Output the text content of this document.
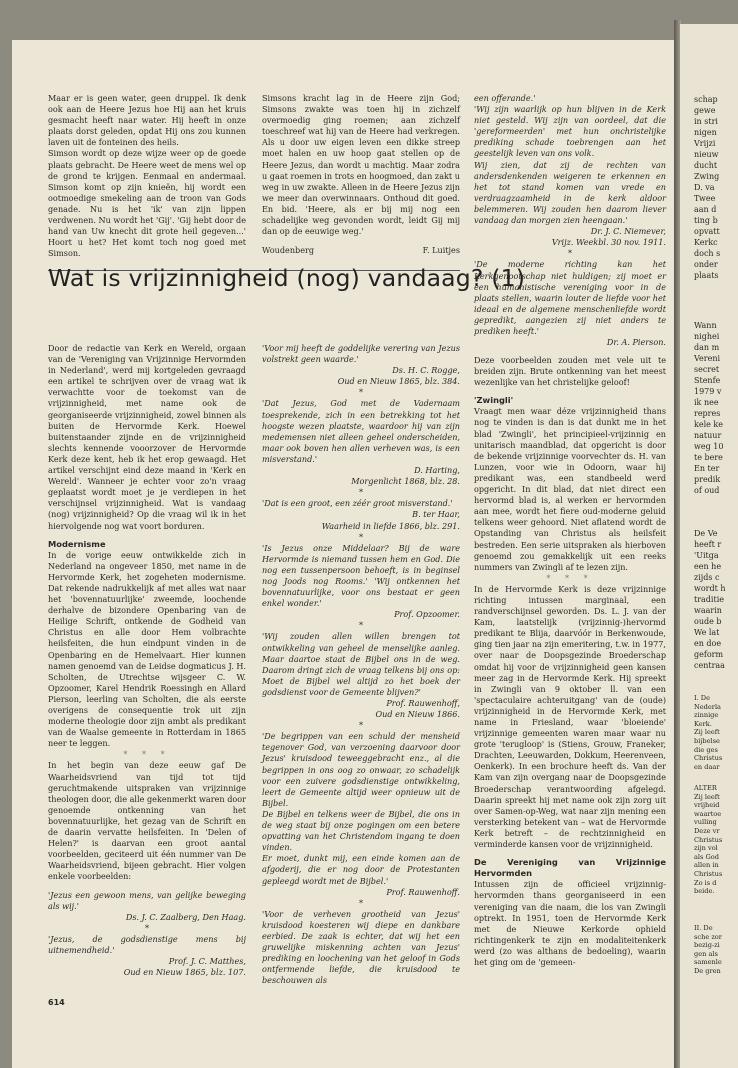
Maar er is geen water, geen druppel. Ik denk ook aan de Heere Jezus hoe Hij aan het kruis gesmacht heeft naar water. Hij heeft in onze plaats dorst geleden, opdat Hij ons zou kunnen laven uit de fonteinen des heils.

Simson wordt op deze wijze weer op de goede plaats gebracht. De Heere weet de mens wel op de grond te krijgen. Eenmaal en andermaal. Simson komt op zijn knieën, hij wordt een ootmoedige smekeling aan de troon van Gods genade. Nu is het 'ik' van zijn lippen verdwenen. Nu wordt het 'Gij'. 'Gij hebt door de hand van Uw knecht dit grote heil gegeven...' Hoort u het? Het komt toch nog goed met Simson.

Simsons kracht lag in de Heere zijn God; Simsons zwakte was toen hij in zichzelf overmoedig ging roemen; aan zichzelf toeschreef wat hij van de Heere had verkregen. Als u door uw eigen leven een dikke streep moet halen en uw hoop gaat stellen op de Heere Jezus, dan wordt u machtig. Maar zodra u gaat roemen in trots en hoogmoed, dan zakt u weg in uw zwakte. Alleen in de Heere Jezus zijn we meer dan overwinnaars. Onthoud dit goed. En bid. 'Heere, als er bij mij nog een schadelijke weg gevonden wordt, leidt Gij mij dan op de eeuwige weg.'

Woudenberg	F. Luitjes

een offerande.'

'Wij zijn waarlijk op hun blijven in de Kerk niet gesteld. Wij zijn van oordeel, dat die 'gereformeerden' met hun onchristelijke prediking schade toebrengen aan het geestelijk leven van ons volk.
Wij zien, dat zij de rechten van andersdenkenden weigeren te erkennen en het tot stand komen van vrede en verdraagzaamheid in de kerk aldoor belemmeren. Wij zouden hen daarom liever vandaag dan morgen zien heengaan.'

Dr. J. C. Niemever,

Vrijz. Weekbl. 30 nov. 1911.

*

'De moderne richting kan het Kerkgenootschap niet huldigen; zij moet er een humanistische vereniging voor in de plaats stellen, waarin louter de liefde voor het ideaal en de algemene menschenliefde wordt gepredikt, aangezien zij niet anders te prediken heeft.'

Dr. A. Pierson.

Wat is vrijzinnigheid (nog) vandaag? (1)

Door de redactie van Kerk en Wereld, orgaan van de 'Vereniging van Vrijzinnige Hervormden in Nederland', werd mij kortgeleden gevraagd een artikel te schrijven over de vraag wat ik verwachtte voor de toekomst van de vrijzinnigheid, met name ook de georganiseerde vrijzinnigheid, zowel binnen als buiten de Hervormde Kerk. Hoewel buitenstaander zijnde en de vrijzinnigheid slechts kennende vooorzover de Hervormde Kerk deze kent, heb ik het erop gewaagd. Het artikel verschijnt eind deze maand in 'Kerk en Wereld'. Wanneer je echter voor zo'n vraag geplaatst wordt moet je je verdiepen in het verschijnsel vrijzinnigheid. Wat is vandaag (nog) vrijzinnigheid? Op die vraag wil ik in het hiervolgende nog wat voort borduren.

Modernisme

In de vorige eeuw ontwikkelde zich in Nederland na ongeveer 1850, met name in de Hervormde Kerk, het zogeheten modernisme. Dat rekende nadrukkelijk af met alles wat naar het 'bovennatuurlijke' zweemde, loochende derhalve de bizondere Openbaring van de Heilige Schrift, ontkende de Godheid van Christus en alle door Hem volbrachte heilsfeiten, die hun eindpunt vinden in de Openbaring en de Hemelvaart. Hier kunnen namen genoemd van de Leidse dogmaticus J. H. Scholten, de Utrechtse wijsgeer C. W. Opzoomer, Karel Hendrik Roessingh en Allard Pierson, leerling van Scholten, die als eerste overigens de consequentie trok uit zijn moderne theologie door zijn ambt als predikant van de Waalse gemeente in Rotterdam in 1865 neer te leggen.

* * *

In het begin van deze eeuw gaf De Waarheidsvriend van tijd tot tijd geruchtmakende uitspraken van vrijzinnige theologen door, die alle gekenmerkt waren door genoemde ontkenning van het bovennatuurlijke, het gezag van de Schrift en de daarin vervatte heilsfeiten. In 'Delen of Helen?' is daarvan een groot aantal voorbeelden, geciteerd uit één nummer van De Waarheidsvriend, bijeen gebracht. Hier volgen enkele voorbeelden:

'Jezus een gewoon mens, van gelijke beweging als wij.'

Ds. J. C. Zaalberg, Den Haag.

*

'Jezus, de godsdienstige mens bij uitnemendheid.'

Prof. J. C. Matthes,

Oud en Nieuw 1865, blz. 107.

'Voor mij heeft de goddelijke verering van Jezus volstrekt geen waarde.'

Ds. H. C. Rogge,

Oud en Nieuw 1865, blz. 384.

*

'Dat Jezus, God met de Vadernaam toesprekende, zich in een betrekking tot het hoogste wezen plaatste, waardoor hij van zijn medemensen niet alleen geheel onderscheiden, maar ook boven hen allen verheven was, is een misverstand.'

D. Harting,

Morgenlicht 1868, blz. 28.

*

'Dat is een groot, een zéér groot misverstand.'

B. ter Haar,

Waarheid in liefde 1866, blz. 291.

*

'Is Jezus onze Middelaar? Bij de ware Hervormde is niemand tussen hem en God. Die nog een tussenpersoon behoeft, is in beginsel nog Joods nog Rooms.' 'Wij ontkennen het bovennatuurlijke, voor ons bestaat er geen enkel wonder.'

Prof. Opzoomer.

*

'Wij zouden allen willen brengen tot ontwikkeling van geheel de menselijke aanleg. Maar daartoe staat de Bijbel ons in de weg. Daarom dringt zich de vraag telkens bij ons op: Moet de Bijbel wel altijd zo het boek der godsdienst voor de Gemeente blijven?'

Prof. Rauwenhoff,

Oud en Nieuw 1866.

*

'De begrippen van een schuld der mensheid tegenover God, van verzoening daarvoor door Jezus' kruisdood teweeggebracht enz., al die begrippen in ons oog zo onwaar, zo schadelijk voor een zuivere godsdienstige ontwikkeling, leert de Gemeente altijd weer opnieuw uit de Bijbel.
De Bijbel en telkens weer de Bijbel, die ons in de weg staat bij onze pogingen om een betere opvatting van het Christendom ingang te doen vinden.
Er moet, dunkt mij, een einde komen aan de afgoderij, die er nog door de Protestanten gepleegd wordt met de Bijbel.'

Prof. Rauwenhoff.

*

'Voor de verheven grootheid van Jezus' kruisdood koesteren wij diepe en dankbare eerbied. De zaak is echter, dat wij het een gruwelijke miskenning achten van Jezus' prediking en loochening van het geloof in Gods ontfermende liefde, die kruisdood te beschouwen als

Deze voorbeelden zouden met vele uit te breiden zijn. Brute ontkenning van het meest wezenlijke van het christelijke geloof!

'Zwingli'

Vraagt men waar déze vrijzinnigheid thans nog te vinden is dan is dat dunkt me in het blad 'Zwingli', het principieel-vrijzinnig en unitarisch maandblad, dat opgericht is door de bekende vrijzinnige voorvechter ds. H. van Lunzen, voor wie in Odoorn, waar hij predikant was, een standbeeld werd opgericht. In dit blad, dat niet direct een hervormd blad is, al werken er hervormden aan mee, wordt het fiere oud-moderne geluid telkens weer gehoord. Niet aflatend wordt de Opstanding van Christus als heilsfeit bestreden. Een serie uitspraken als hierboven genoemd zou gemakkelijk uit een reeks nummers van Zwingli af te lezen zijn.

* * *

In de Hervormde Kerk is deze vrijzinnige richting intussen marginaal, een randverschijnsel geworden. Ds. L. J. van der Kam, laatstelijk (vrijzinnig-)hervormd predikant te Blija, daarvóór in Berkenwoude, ging tien jaar na zijn emeritering, t.w. in 1977, over naar de Doopsgezinde Broederschap omdat hij voor de vrijzinnigheid geen kansen meer zag in de Hervormde Kerk. Hij spreekt in Zwingli van 9 oktober ll. van een 'spectaculaire achteruitgang' van de (oude) vrijzinnigheid in de Hervormde Kerk, met name in Friesland, waar 'bloeiende' vrijzinnige gemeenten waren maar waar nu grote 'terugloop' is (Stiens, Grouw, Franeker, Drachten, Leeuwarden, Dokkum, Heerenveen, Oenkerk). In een brochure heeft ds. Van der Kam van zijn overgang naar de Doopsgezinde Broederschap verantwoording afgelegd. Daarin spreekt hij met name ook zijn zorg uit over Samen-op-Weg, wat naar zijn mening een versterking betekent van – wat de Hervormde Kerk betreft – de rechtzinnigheid en verminderde kansen voor de vrijzinnigheid.

De Vereniging van Vrijzinnige Hervormden

Intussen zijn de officieel vrijzinnig-hervormden thans georganiseerd in een vereniging van die naam, die los van Zwingli optrekt. In 1951, toen de Hervormde Kerk met de Nieuwe Kerkorde ophield richtingenkerk te zijn en modaliteitenkerk werd (zo was althans de bedoeling), waarin het ging om de 'gemeen-

614
schap
gewe
in stri
nigen
Vrijzi
nieuw
ducht
Zwing
D. va
Twee
aan d
ting b
opvatt
Kerkc
doch s
onder
plaats
Wann
nighei
dan m
Vereni
secret
Stenfe
1979 v
ik nee
repres
kele ke
natuur
weg 10
te bere
En ter
predik
of oud
De Ve
heeft r
'Uitga
een he
zijds c
wordt h
traditie
waarin
oude b
We lat
en doe
geform
centraa
I. De
Nederla
zinnige
Kerk.
Zij leeft
bijbelse
die ges
Christus
en daar
ALTER
Zij leeft
vrijheid
waartoe
vulling
Deze vr
Christus
zijn vol
als God
allen in
Christus
Zo is d
beide.
II. De
sche zor
bezig-zi
gen als
samenle
De gren
